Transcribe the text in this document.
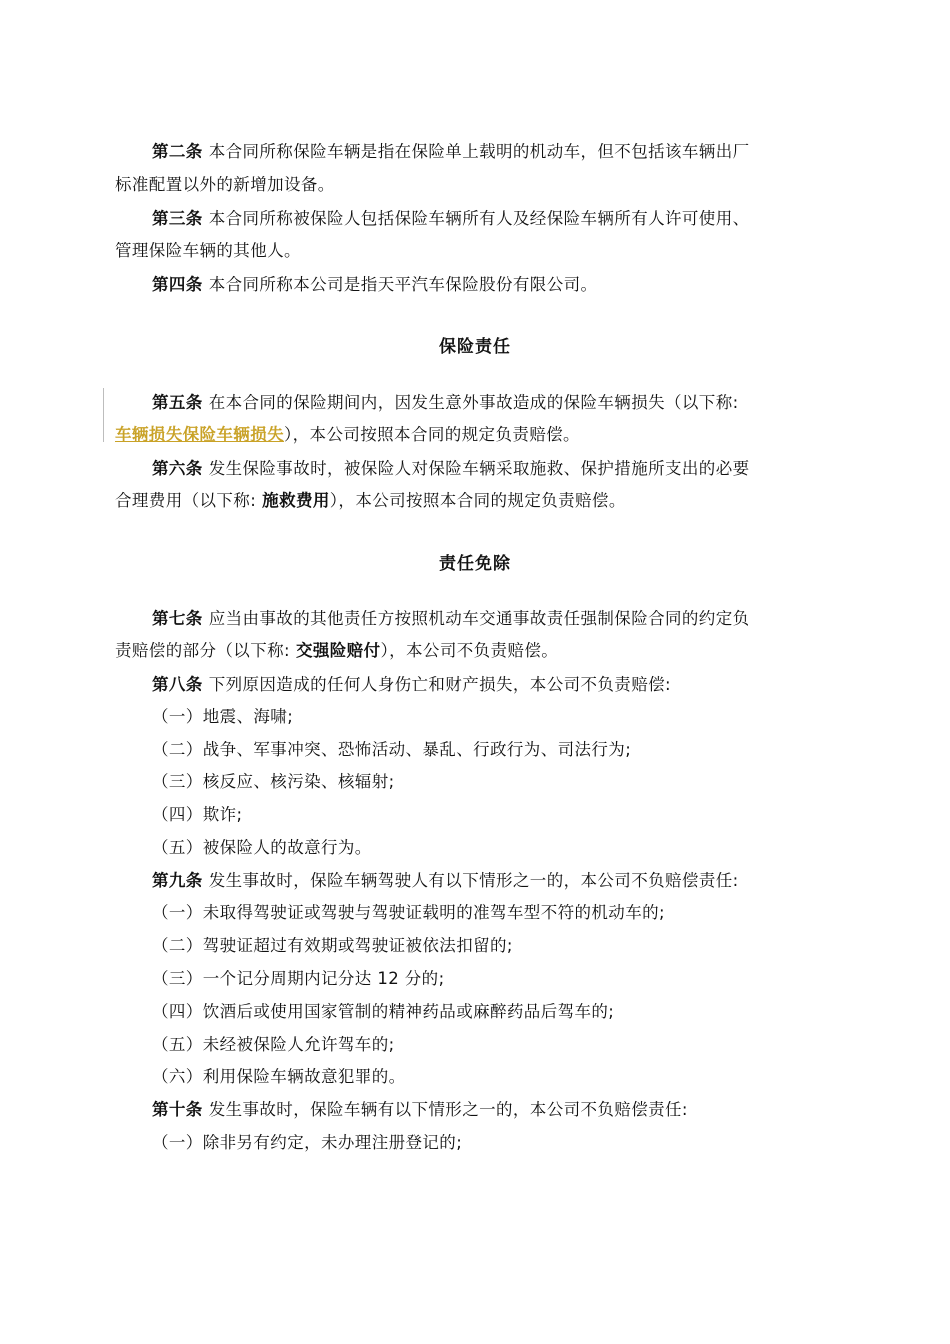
第二条 本合同所称保险车辆是指在保险单上载明的机动车，但不包括该车辆出厂
标准配置以外的新增加设备。
第三条 本合同所称被保险人包括保险车辆所有人及经保险车辆所有人许可使用、
管理保险车辆的其他人。
第四条 本合同所称本公司是指天平汽车保险股份有限公司。
保险责任
第五条 在本合同的保险期间内，因发生意外事故造成的保险车辆损失（以下称:
车辆损失保险车辆损失），本公司按照本合同的规定负责赔偿。
第六条 发生保险事故时，被保险人对保险车辆采取施救、保护措施所支出的必要
合理费用（以下称: 施救费用），本公司按照本合同的规定负责赔偿。
责任免除
第七条 应当由事故的其他责任方按照机动车交通事故责任强制保险合同的约定负
责赔偿的部分（以下称: 交强险赔付），本公司不负责赔偿。
第八条 下列原因造成的任何人身伤亡和财产损失，本公司不负责赔偿:
（一）地震、海啸;
（二）战争、军事冲突、恐怖活动、暴乱、行政行为、司法行为;
（三）核反应、核污染、核辐射;
（四）欺诈;
（五）被保险人的故意行为。
第九条 发生事故时，保险车辆驾驶人有以下情形之一的，本公司不负赔偿责任:
（一）未取得驾驶证或驾驶与驾驶证载明的准驾车型不符的机动车的;
（二）驾驶证超过有效期或驾驶证被依法扣留的;
（三）一个记分周期内记分达 12 分的;
（四）饮酒后或使用国家管制的精神药品或麻醉药品后驾车的;
（五）未经被保险人允许驾车的;
（六）利用保险车辆故意犯罪的。
第十条 发生事故时，保险车辆有以下情形之一的，本公司不负赔偿责任:
（一）除非另有约定，未办理注册登记的;
